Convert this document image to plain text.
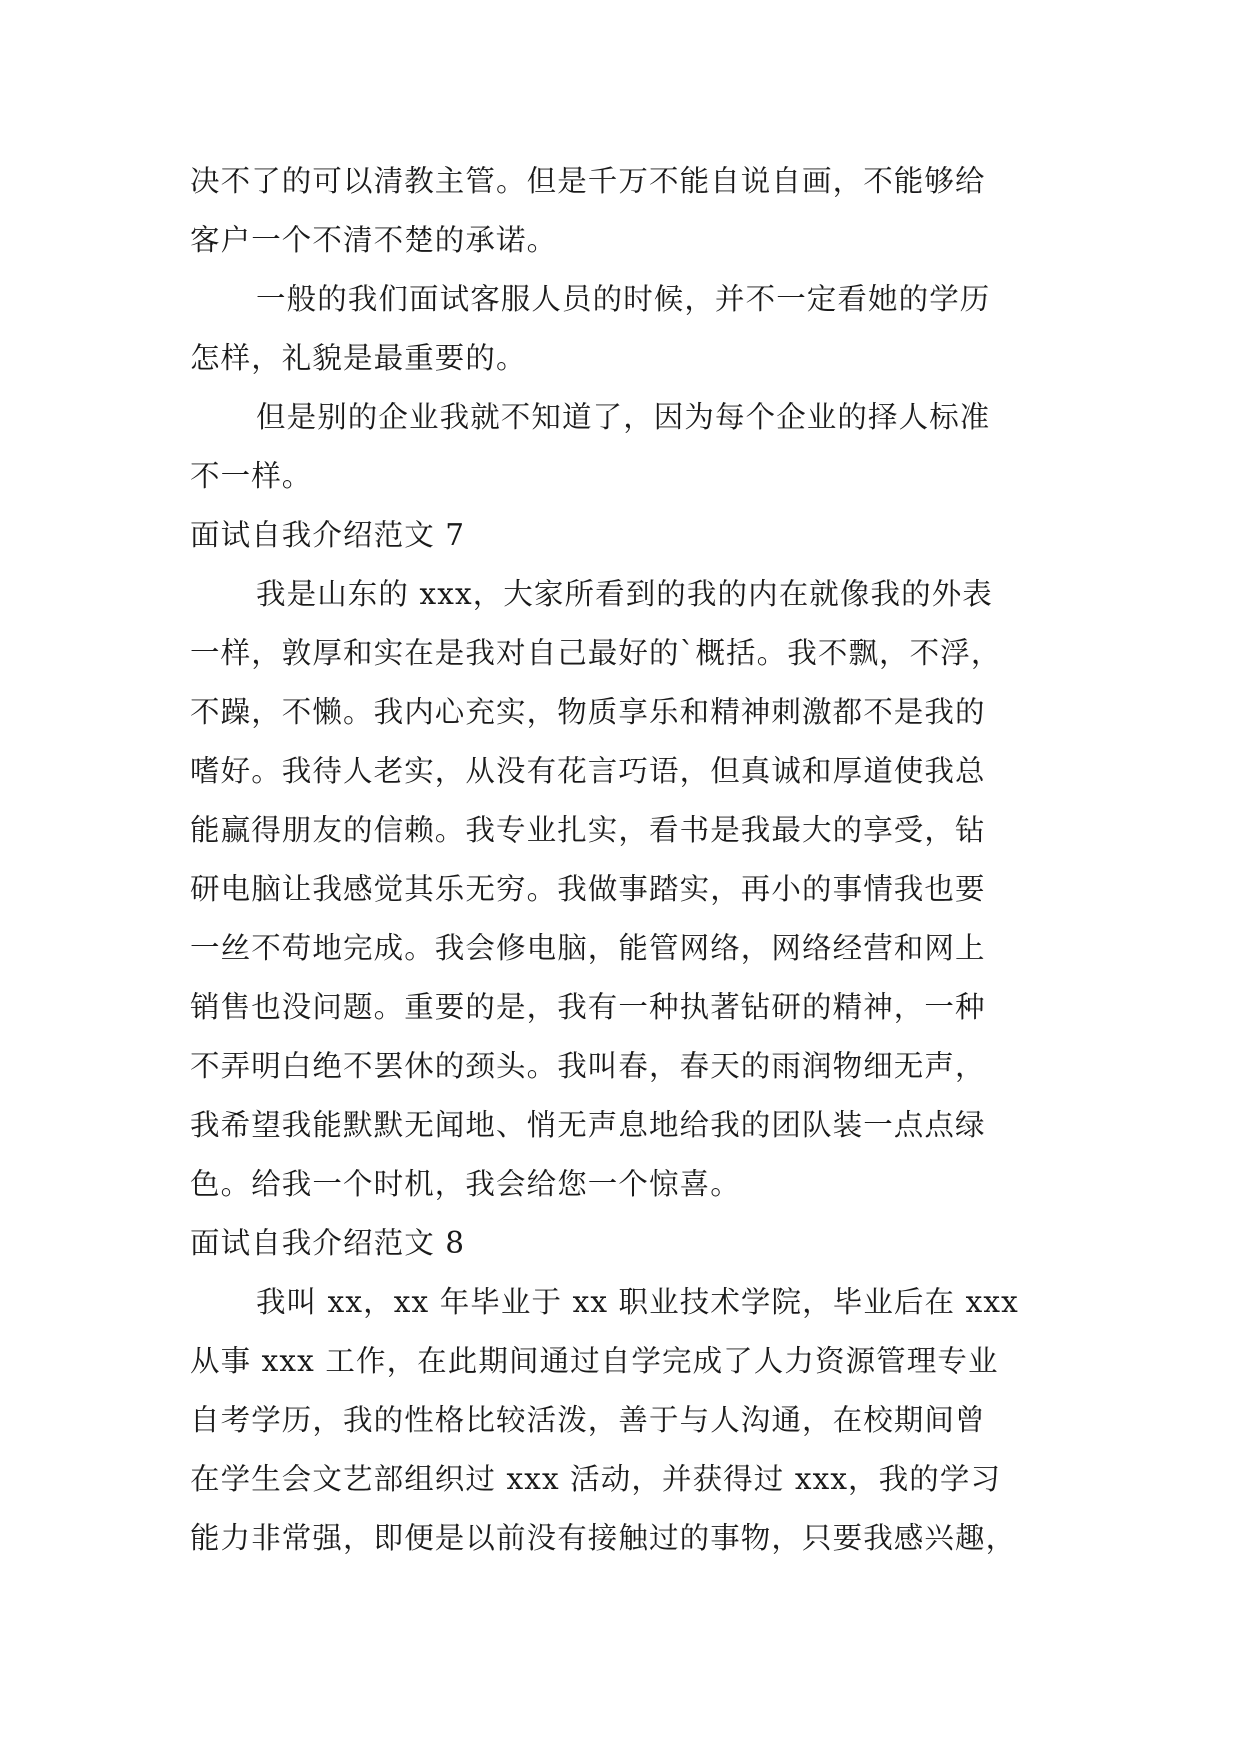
决不了的可以清教主管。但是千万不能自说自画，不能够给
客户一个不清不楚的承诺。
一般的我们面试客服人员的时候，并不一定看她的学历
怎样，礼貌是最重要的。
但是别的企业我就不知道了，因为每个企业的择人标准
不一样。
面试自我介绍范文 7
我是山东的 xxx，大家所看到的我的内在就像我的外表
一样，敦厚和实在是我对自己最好的`概括。我不飘，不浮，
不躁，不懒。我内心充实，物质享乐和精神刺激都不是我的
嗜好。我待人老实，从没有花言巧语，但真诚和厚道使我总
能赢得朋友的信赖。我专业扎实，看书是我最大的享受，钻
研电脑让我感觉其乐无穷。我做事踏实，再小的事情我也要
一丝不苟地完成。我会修电脑，能管网络，网络经营和网上
销售也没问题。重要的是，我有一种执著钻研的精神，一种
不弄明白绝不罢休的颈头。我叫春，春天的雨润物细无声，
我希望我能默默无闻地、悄无声息地给我的团队装一点点绿
色。给我一个时机，我会给您一个惊喜。
面试自我介绍范文 8
我叫 xx，xx 年毕业于 xx 职业技术学院，毕业后在 xxx
从事 xxx 工作，在此期间通过自学完成了人力资源管理专业
自考学历，我的性格比较活泼，善于与人沟通，在校期间曾
在学生会文艺部组织过 xxx 活动，并获得过 xxx，我的学习
能力非常强，即便是以前没有接触过的事物，只要我感兴趣，
